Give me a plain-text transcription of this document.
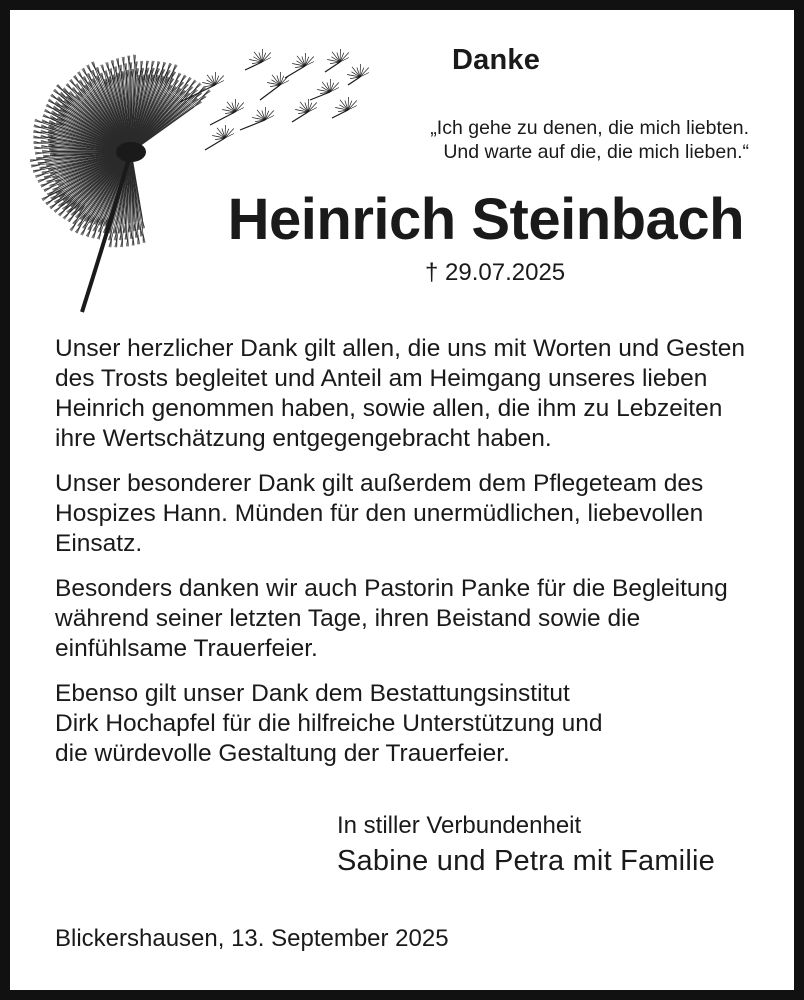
Danke
„Ich gehe zu denen, die mich liebten.
Und warte auf die, die mich lieben.“
Heinrich Steinbach
† 29.07.2025

Unser herzlicher Dank gilt allen, die uns mit Worten und Gesten
des Trosts begleitet und Anteil am Heimgang unseres lieben
Heinrich genommen haben, sowie allen, die ihm zu Lebzeiten
ihre Wertschätzung entgegengebracht haben.

Unser besonderer Dank gilt außerdem dem Pflegeteam des
Hospizes Hann. Münden für den unermüdlichen, liebevollen
Einsatz.

Besonders danken wir auch Pastorin Panke für die Begleitung
während seiner letzten Tage, ihren Beistand sowie die
einfühlsame Trauerfeier.

Ebenso gilt unser Dank dem Bestattungsinstitut
Dirk Hochapfel für die hilfreiche Unterstützung und
die würdevolle Gestaltung der Trauerfeier.

In stiller Verbundenheit
Sabine und Petra mit Familie
Blickershausen, 13. September 2025
